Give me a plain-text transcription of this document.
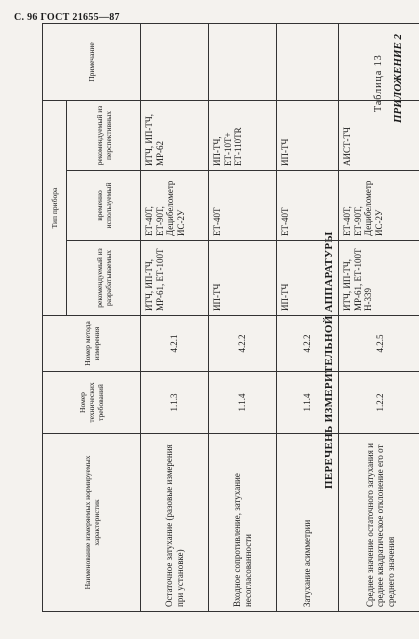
С. 96 ГОСТ 21655—87
ПРИЛОЖЕНИЕ 2
Таблица 13
ПЕРЕЧЕНЬ ИЗМЕРИТЕЛЬНОЙ АППАРАТУРЫ
Наименование измеряемых нормируемых характеристик	Номер технических требований	Номер метода измерения	Тип прибора			Примечание
			рекомендуемый из разрабатываемых	временно используемый	рекомендуемый из перспективных	
Остаточное затухание (разовые измерения при установке)	1.1.3	4.2.1	ИТЧ, ИП-ТЧ, МР-61, ЕТ-100Т	ЕТ-40Т, ЕТ-90Т, Децибелометр ИС-2У	ИТЧ, ИП-ТЧ, МР-62	
Входное сопротивление, затухание несогласованности	1.1.4	4.2.2	ИП-ТЧ	ЕТ-40Т	ИП-ТЧ, ЕТ-10Т+ ЕТ-110ТR	
Затухание асимметрии	1.1.4	4.2.2	ИП-ТЧ	ЕТ-40Т	ИП-ТЧ	
Среднее значение остаточного затухания и среднее квадратическое отклонение его от среднего значения	1.2.2	4.2.5	ИТЧ, ИП-ТЧ, МР-61, ЕТ-100Т Н-339	ЕТ-40Т, ЕТ-90Т, Децибелометр ИС-2У	АИСТ-ТЧ	
